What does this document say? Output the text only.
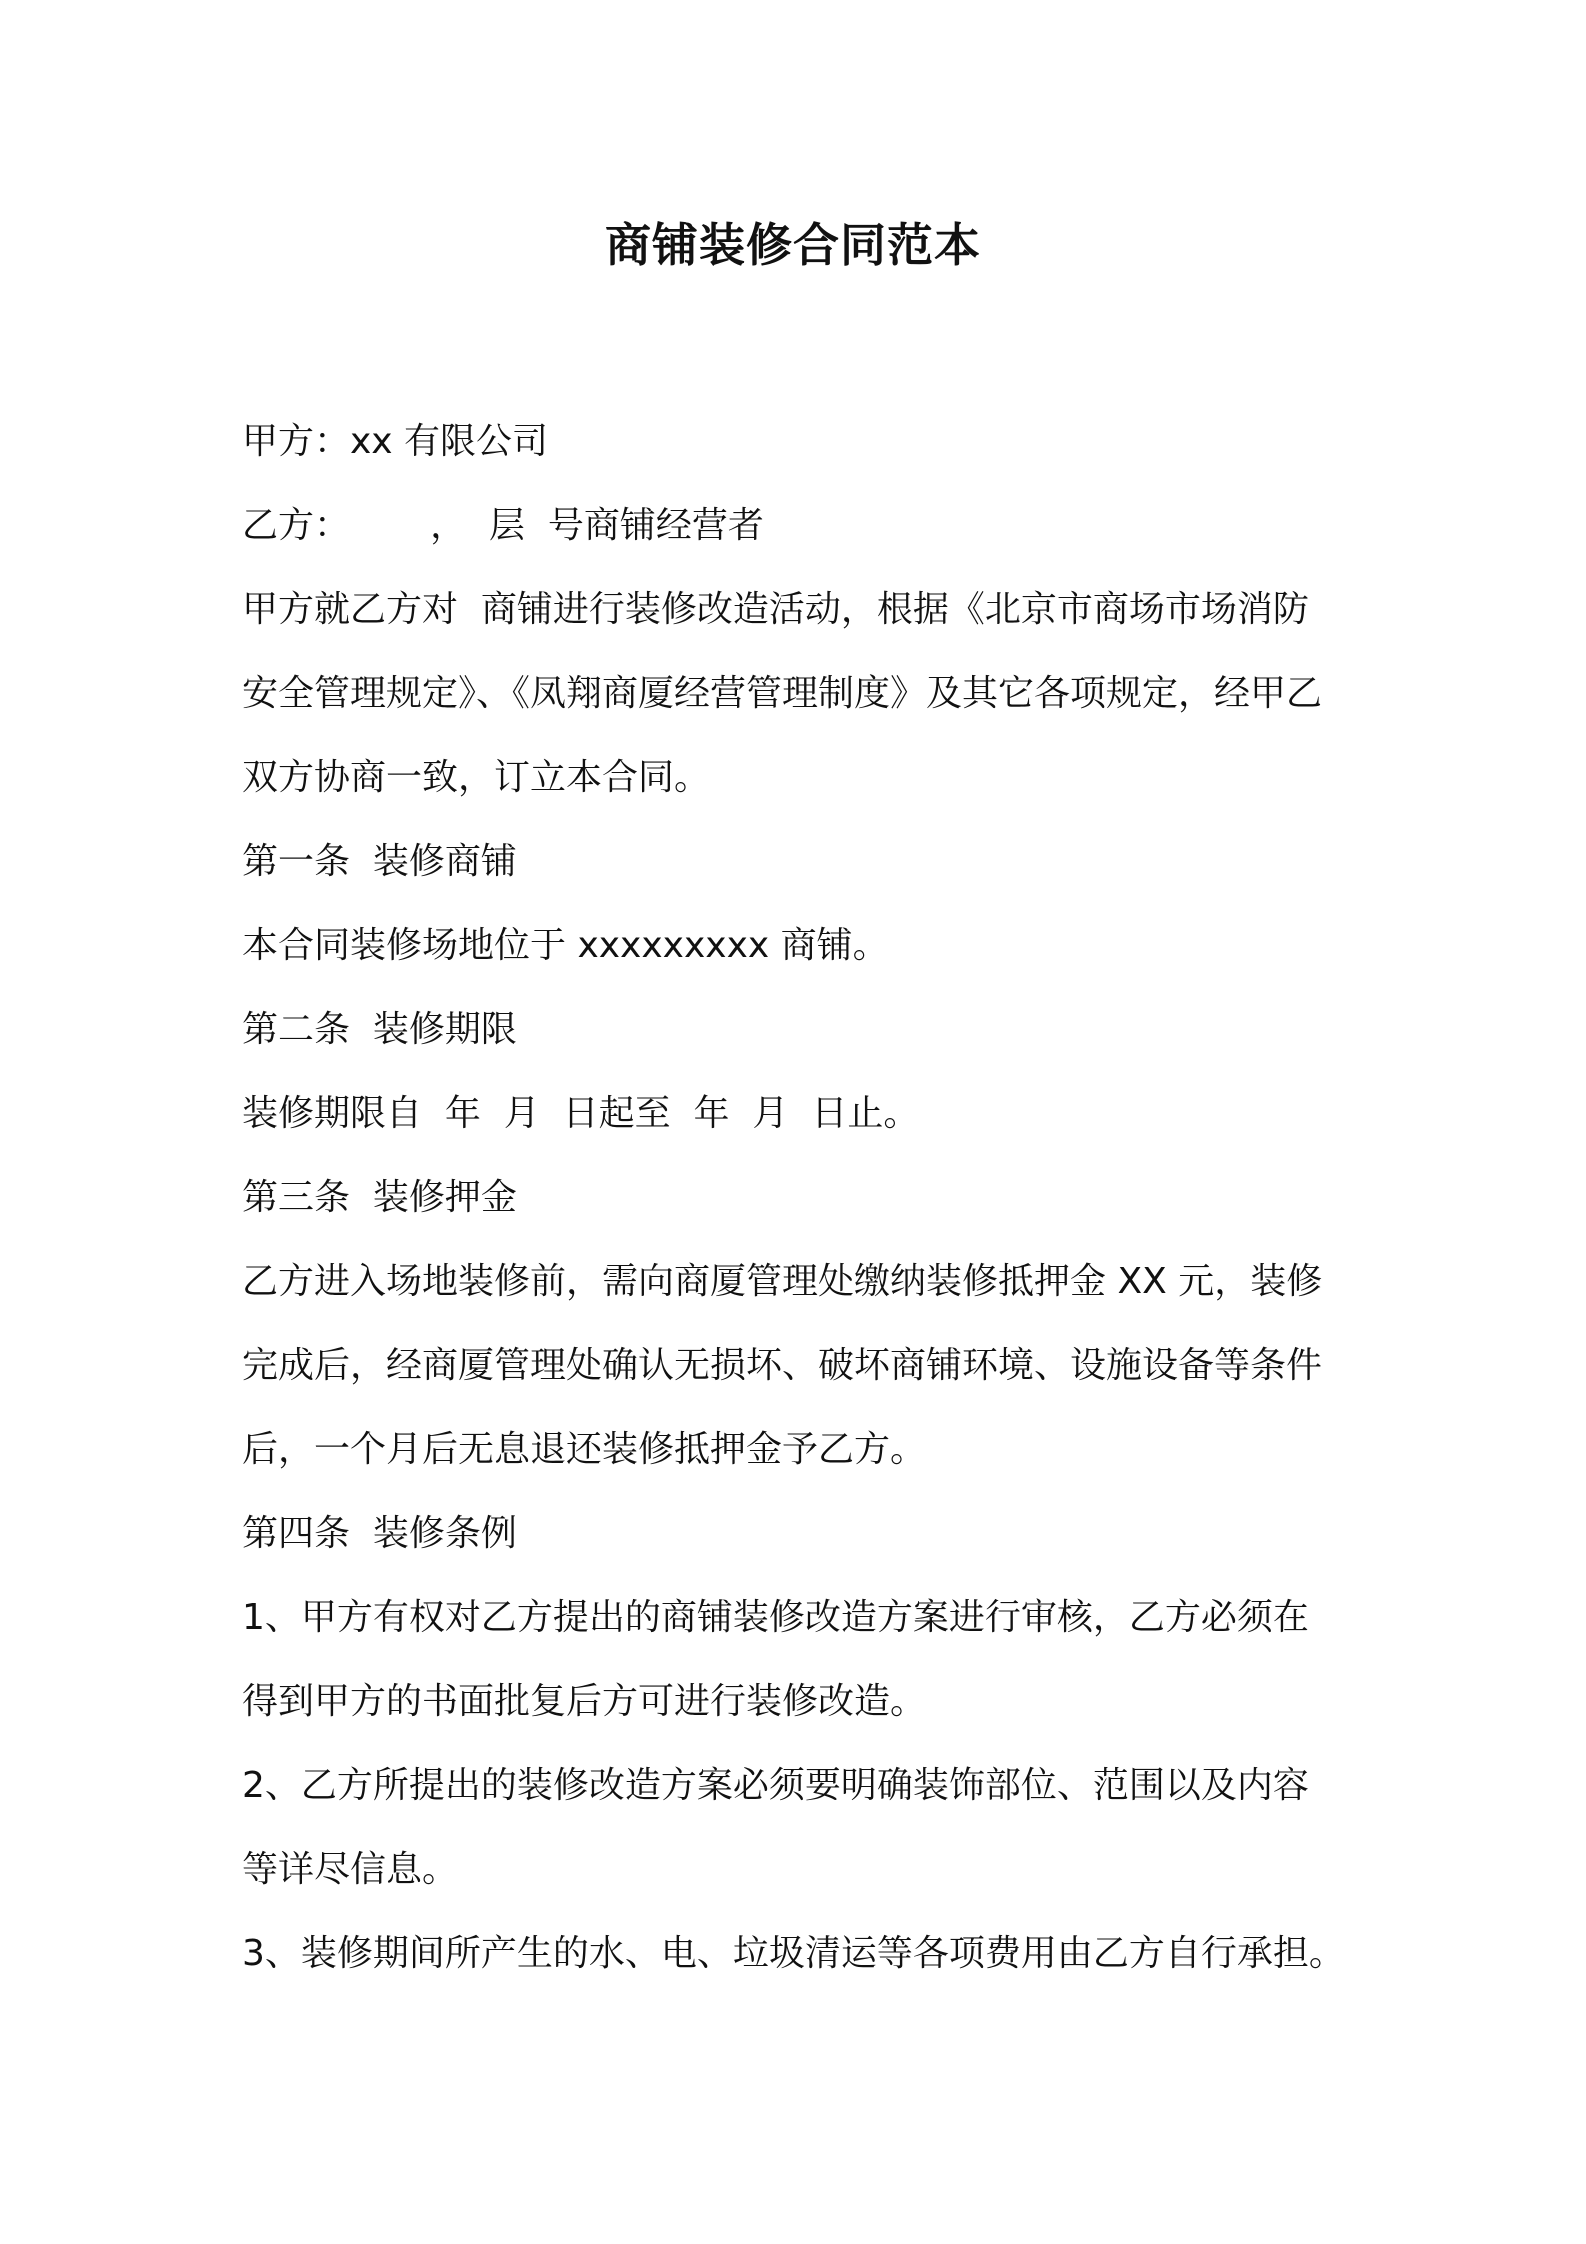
商铺装修合同范本

甲方：xx 有限公司

乙方：       ，  层  号商铺经营者

甲方就乙方对  商铺进行装修改造活动，根据《北京市商场市场消防

安全管理规定》、《凤翔商厦经营管理制度》及其它各项规定，经甲乙

双方协商一致，订立本合同。

第一条  装修商铺

本合同装修场地位于 xxxxxxxxx 商铺。

第二条  装修期限

装修期限自  年  月  日起至  年  月  日止。

第三条  装修押金

乙方进入场地装修前，需向商厦管理处缴纳装修抵押金 XX 元，装修

完成后，经商厦管理处确认无损坏、破坏商铺环境、设施设备等条件

后，一个月后无息退还装修抵押金予乙方。

第四条  装修条例

1、甲方有权对乙方提出的商铺装修改造方案进行审核，乙方必须在

得到甲方的书面批复后方可进行装修改造。

2、乙方所提出的装修改造方案必须要明确装饰部位、范围以及内容

等详尽信息。

3、装修期间所产生的水、电、垃圾清运等各项费用由乙方自行承担。
